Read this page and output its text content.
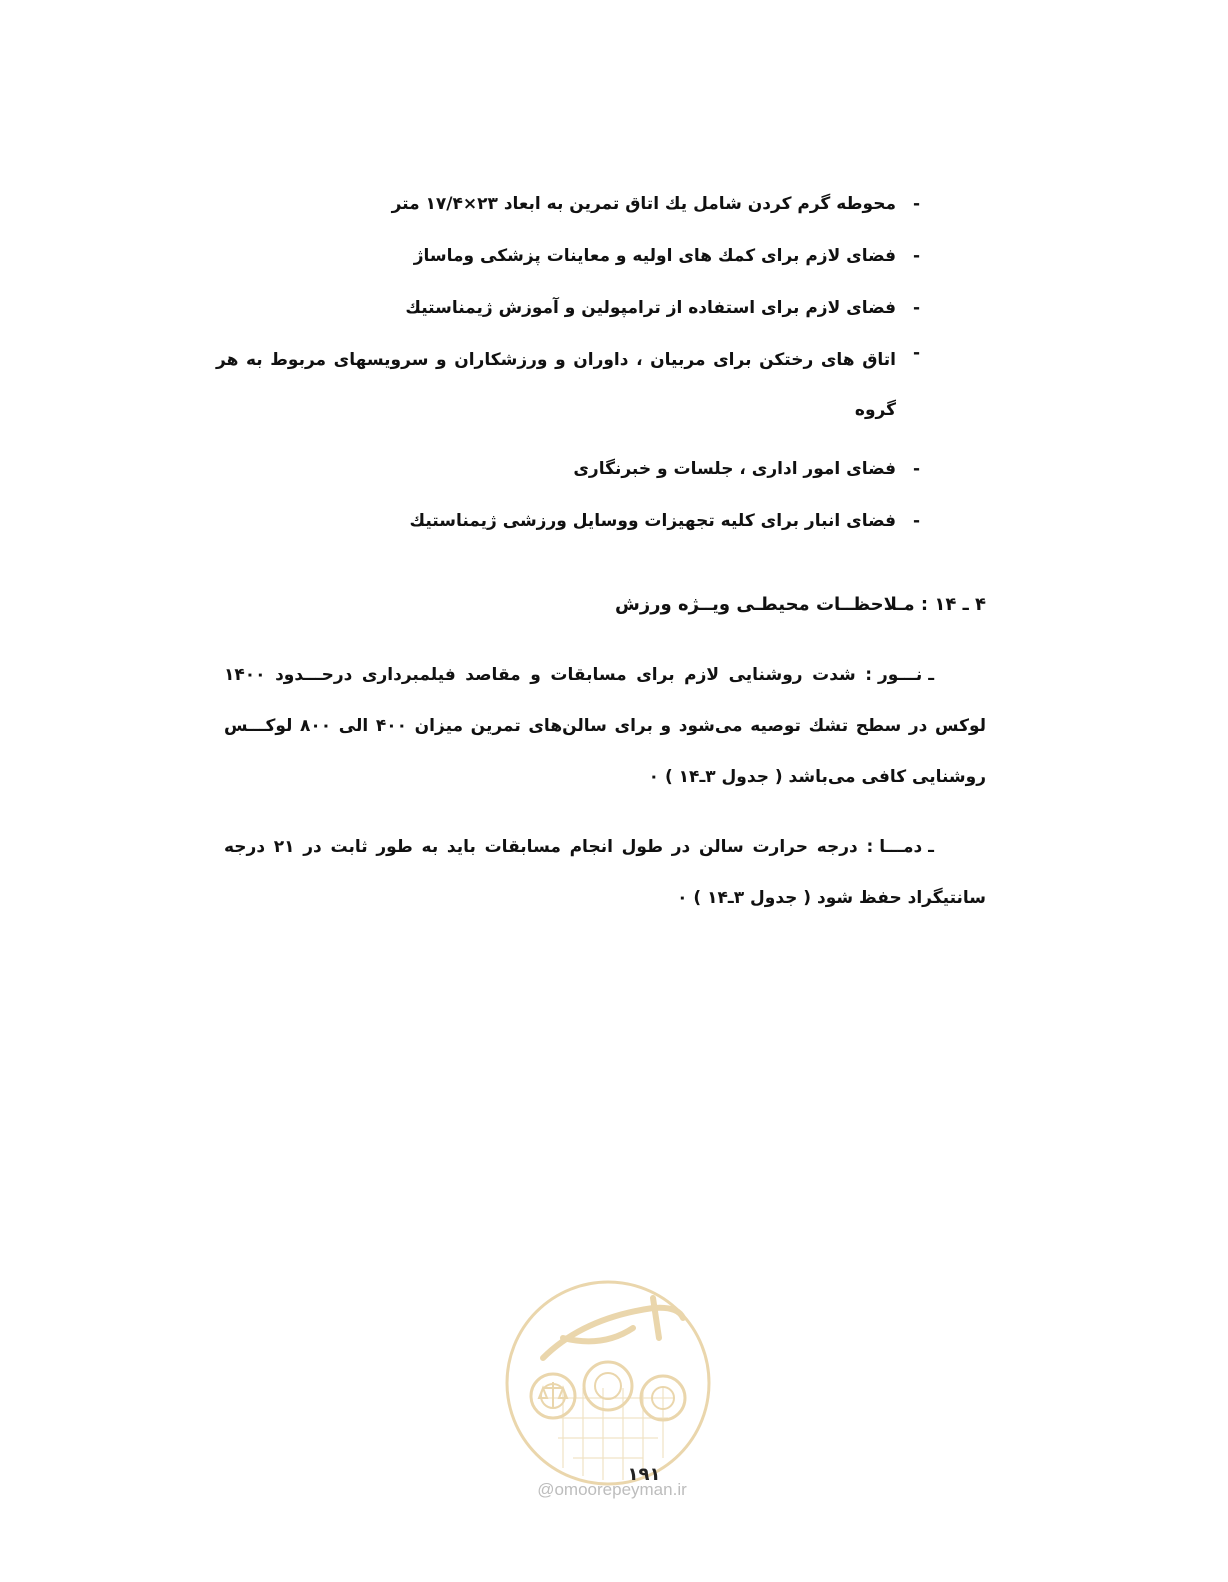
-
محوطه گرم کردن شامل یك اتاق تمرین به ابعاد ۲۳×۱۷/۴ متر
-
فضای لازم برای کمك های اولیه و معاینات پزشکی وماساژ
-
فضای لازم برای استفاده از ترامپولین و آموزش ژیمناستیك
-
اتاق های رختکن برای مربیان ، داوران و ورزشکاران و سرویسهای مربوط به هر گروه
-
فضای امور اداری ، جلسات و خبرنگاری
-
فضای انبار برای کلیه تجهیزات ووسایل ورزشی ژیمناستیك
۴ ـ ۱۴ : مـلاحظــات محیطـی ویــژه ورزش
ـ نـــور : شدت روشنایی لازم برای مسابقات و مقاصد فیلمبرداری درحـــدود ۱۴۰۰ لوکس در سطح تشك توصیه می‌شود و برای سالن‌های تمرین میزان ۴۰۰ الی ۸۰۰ لوکـــس روشنایی کافی می‌باشد ( جدول ۳ـ۱۴ ) ٠
ـ دمـــا : درجه حرارت سالن در طول انجام مسابقات باید به طور ثابت در ۲۱ درجه سانتیگراد حفظ شود ( جدول ۳ـ۱۴ ) ٠
۱۹۱
@omoorepeyman.ir
